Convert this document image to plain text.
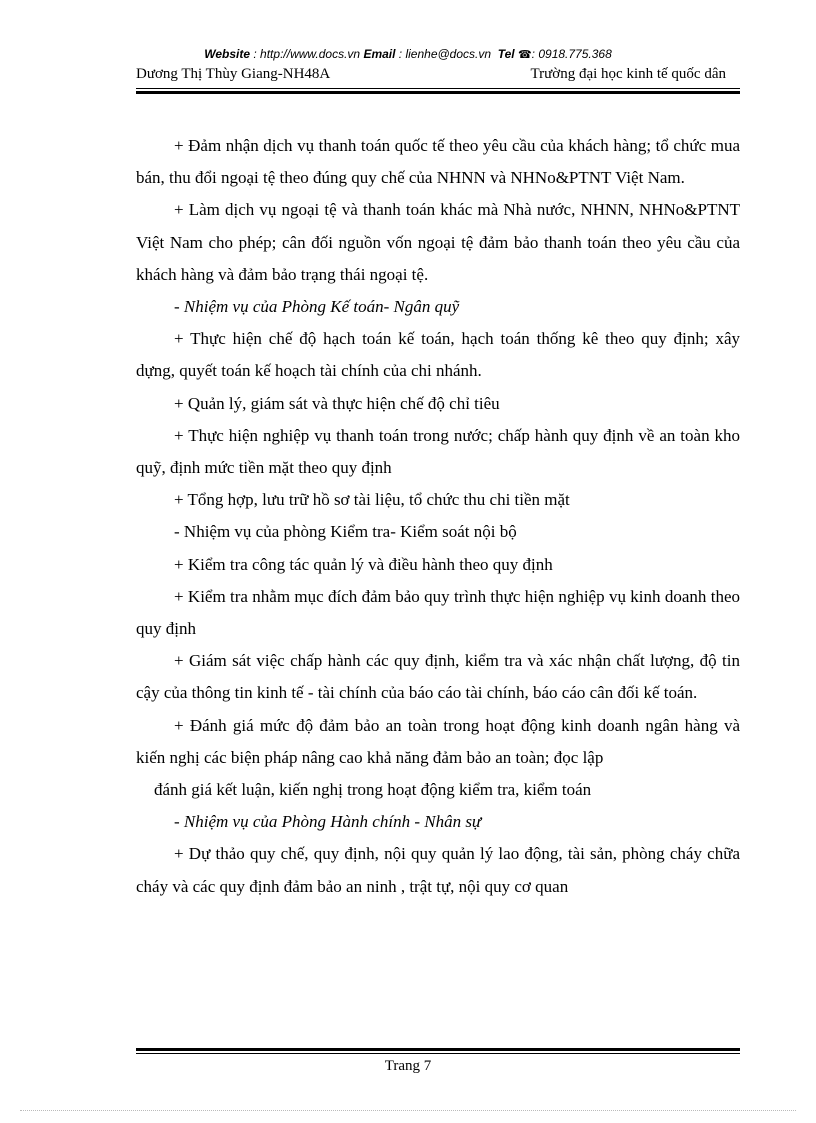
Website : http://www.docs.vn Email : lienhe@docs.vn Tel ☎: 0918.775.368
Dương Thị Thùy Giang-NH48A	Trường đại học kinh tế quốc dân

+ Đảm nhận dịch vụ thanh toán quốc tế theo yêu cầu của khách hàng; tổ chức mua bán, thu đổi ngoại tệ theo đúng quy chế của NHNN và NHNo&PTNT Việt Nam.

+ Làm dịch vụ ngoại tệ và thanh toán khác mà Nhà nước, NHNN, NHNo&PTNT Việt Nam cho phép; cân đối nguồn vốn ngoại tệ đảm bảo thanh toán theo yêu cầu của khách hàng và đảm bảo trạng thái ngoại tệ.

- Nhiệm vụ của Phòng Kế toán- Ngân quỹ

+ Thực hiện chế độ hạch toán kế toán, hạch toán thống kê theo quy định; xây dựng, quyết toán kế hoạch tài chính của chi nhánh.

+ Quản lý, giám sát và thực hiện chế độ chỉ tiêu

+ Thực hiện nghiệp vụ thanh toán trong nước; chấp hành quy định về an toàn kho quỹ, định mức tiền mặt theo quy định

+ Tổng hợp, lưu trữ hồ sơ tài liệu, tổ chức thu chi tiền mặt

- Nhiệm vụ của phòng Kiểm tra- Kiểm soát nội bộ

+ Kiểm tra công tác quản lý và điều hành theo quy định

+ Kiểm tra nhằm mục đích đảm bảo quy trình thực hiện nghiệp vụ kinh doanh theo quy định

+ Giám sát việc chấp hành các quy định, kiểm tra và xác nhận chất lượng, độ tin cậy của thông tin kinh tế - tài chính của báo cáo tài chính, báo cáo cân đối kế toán.

+ Đánh giá mức độ đảm bảo an toàn trong hoạt động kinh doanh ngân hàng và kiến nghị các biện pháp nâng cao khả năng đảm bảo an toàn; đọc lập

đánh giá kết luận, kiến nghị trong hoạt động kiểm tra, kiểm toán

- Nhiệm vụ của Phòng Hành chính - Nhân sự

+ Dự thảo quy chế, quy định, nội quy quản lý lao động, tài sản, phòng cháy chữa cháy và các quy định đảm bảo an ninh , trật tự, nội quy cơ quan

Trang 7
